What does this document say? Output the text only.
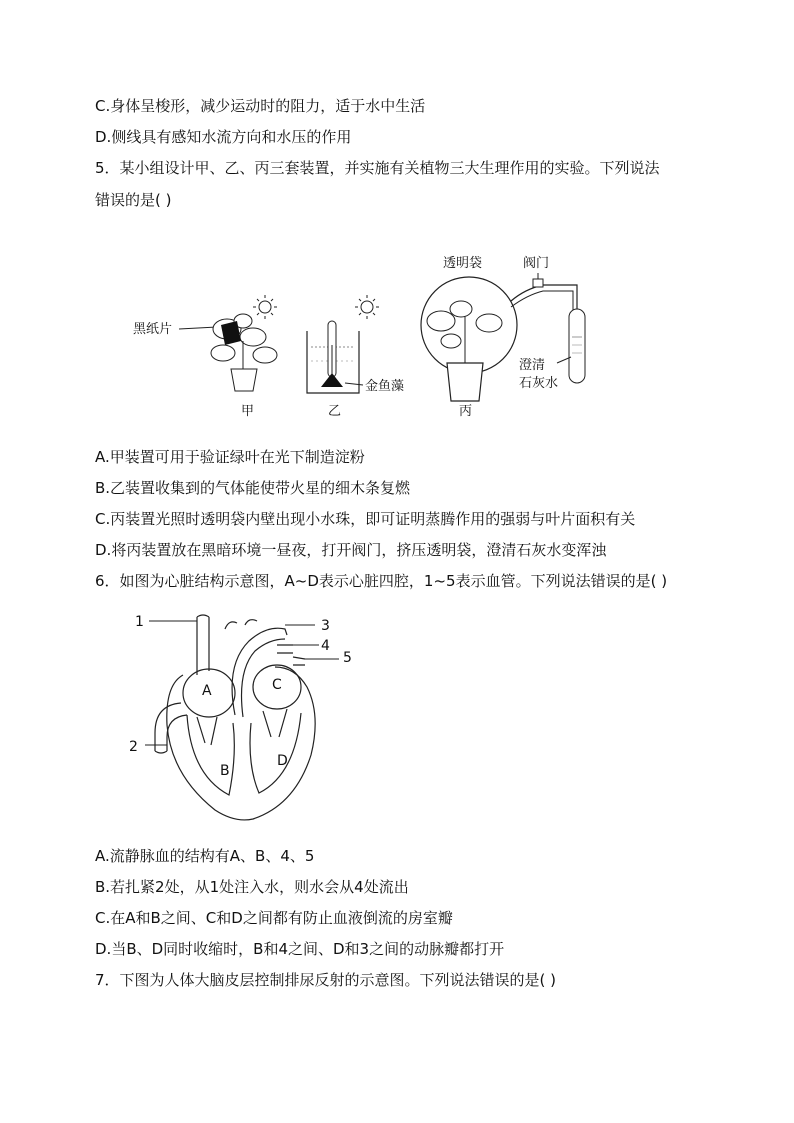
C.身体呈梭形，减少运动时的阻力，适于水中生活
D.侧线具有感知水流方向和水压的作用
5．某小组设计甲、乙、丙三套装置，并实施有关植物三大生理作用的实验。下列说法
错误的是( )
黑纸片
甲
金鱼藻
乙
透明袋	阀门
澄清
石灰水
丙
A.甲装置可用于验证绿叶在光下制造淀粉
B.乙装置收集到的气体能使带火星的细木条复燃
C.丙装置光照时透明袋内壁出现小水珠，即可证明蒸腾作用的强弱与叶片面积有关
D.将丙装置放在黑暗环境一昼夜，打开阀门，挤压透明袋，澄清石灰水变浑浊
6．如图为心脏结构示意图，A~D表示心脏四腔，1~5表示血管。下列说法错误的是( )
1
2
3
4
5
A	C
B
D
A.流静脉血的结构有A、B、4、5
B.若扎紧2处，从1处注入水，则水会从4处流出
C.在A和B之间、C和D之间都有防止血液倒流的房室瓣
D.当B、D同时收缩时，B和4之间、D和3之间的动脉瓣都打开
7．下图为人体大脑皮层控制排尿反射的示意图。下列说法错误的是( )
